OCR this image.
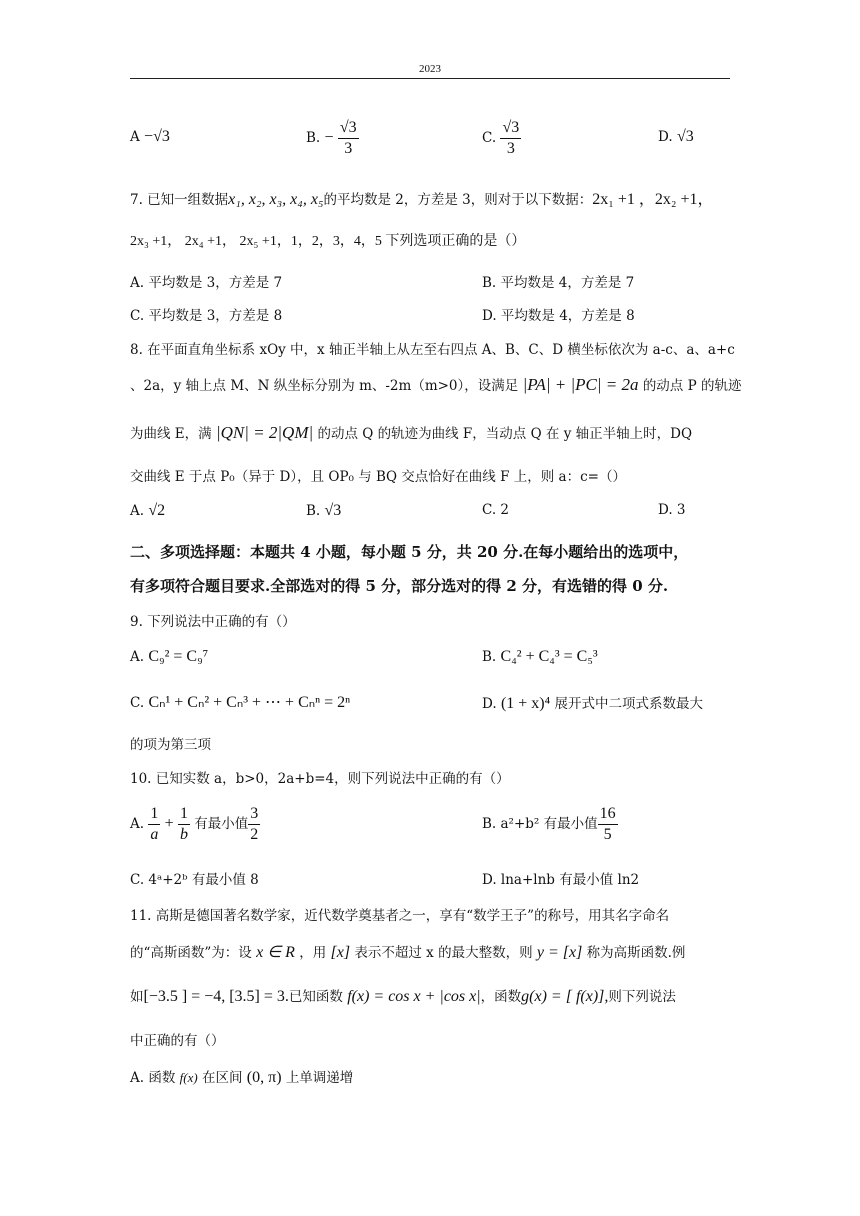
2023
A −√3	B. − $\frac{√3}{3}$	C. $\frac{√3}{3}$	D. √3
7. 已知一组数据x₁, x₂, x₃, x₄, x₅的平均数是 2，方差是 3，则对于以下数据：2x₁ +1 ，2x₂ +1，
2x₃ +1， 2x₄ +1， 2x₅ +1，1，2，3，4，5 下列选项正确的是（）
A. 平均数是 3，方差是 7	B. 平均数是 4，方差是 7
C. 平均数是 3，方差是 8	D. 平均数是 4，方差是 8
8. 在平面直角坐标系 xOy 中，x 轴正半轴上从左至右四点 A、B、C、D 横坐标依次为 a-c、a、a+c
、2a，y 轴上点 M、N 纵坐标分别为 m、-2m（m>0），设满足 |PA| + |PC| = 2a 的动点 P 的轨迹
为曲线 E，满 |QN| = 2|QM| 的动点 Q 的轨迹为曲线 F，当动点 Q 在 y 轴正半轴上时，DQ
交曲线 E 于点 P₀（异于 D），且 OP₀ 与 BQ 交点恰好在曲线 F 上，则 a：c=（）
A. √2	B. √3	C. 2	D. 3
二、多项选择题：本题共 4 小题，每小题 5 分，共 20 分.在每小题给出的选项中，
有多项符合题目要求.全部选对的得 5 分，部分选对的得 2 分，有选错的得 0 分.
9. 下列说法中正确的有（）
A. C₉² = C₉⁷	B. C₄² + C₄³ = C₅³
C. Cₙ¹ + Cₙ² + Cₙ³ + ⋯ + Cₙⁿ = 2ⁿ	D. (1 + x)⁴ 展开式中二项式系数最大
的项为第三项
10. 已知实数 a，b>0，2a+b=4，则下列说法中正确的有（）
A. $\frac{1}{a} + \frac{1}{b}$ 有最小值 $\frac{3}{2}$	B. a²+b² 有最小值 $\frac{16}{5}$
C. 4ᵃ+2ᵇ 有最小值 8	D. lna+lnb 有最小值 ln2
11. 高斯是德国著名数学家，近代数学奠基者之一，享有“数学王子”的称号，用其名字命名
的“高斯函数”为：设 x ∈ R ，用 [x] 表示不超过 x 的最大整数，则 y = [x] 称为高斯函数.例
如[−3.5 ] = −4, [3.5] = 3.已知函数 f(x) = cos x + |cos x|，函数g(x) = [ f(x)],则下列说法
中正确的有（）
A. 函数 f(x) 在区间 (0, π) 上单调递增
